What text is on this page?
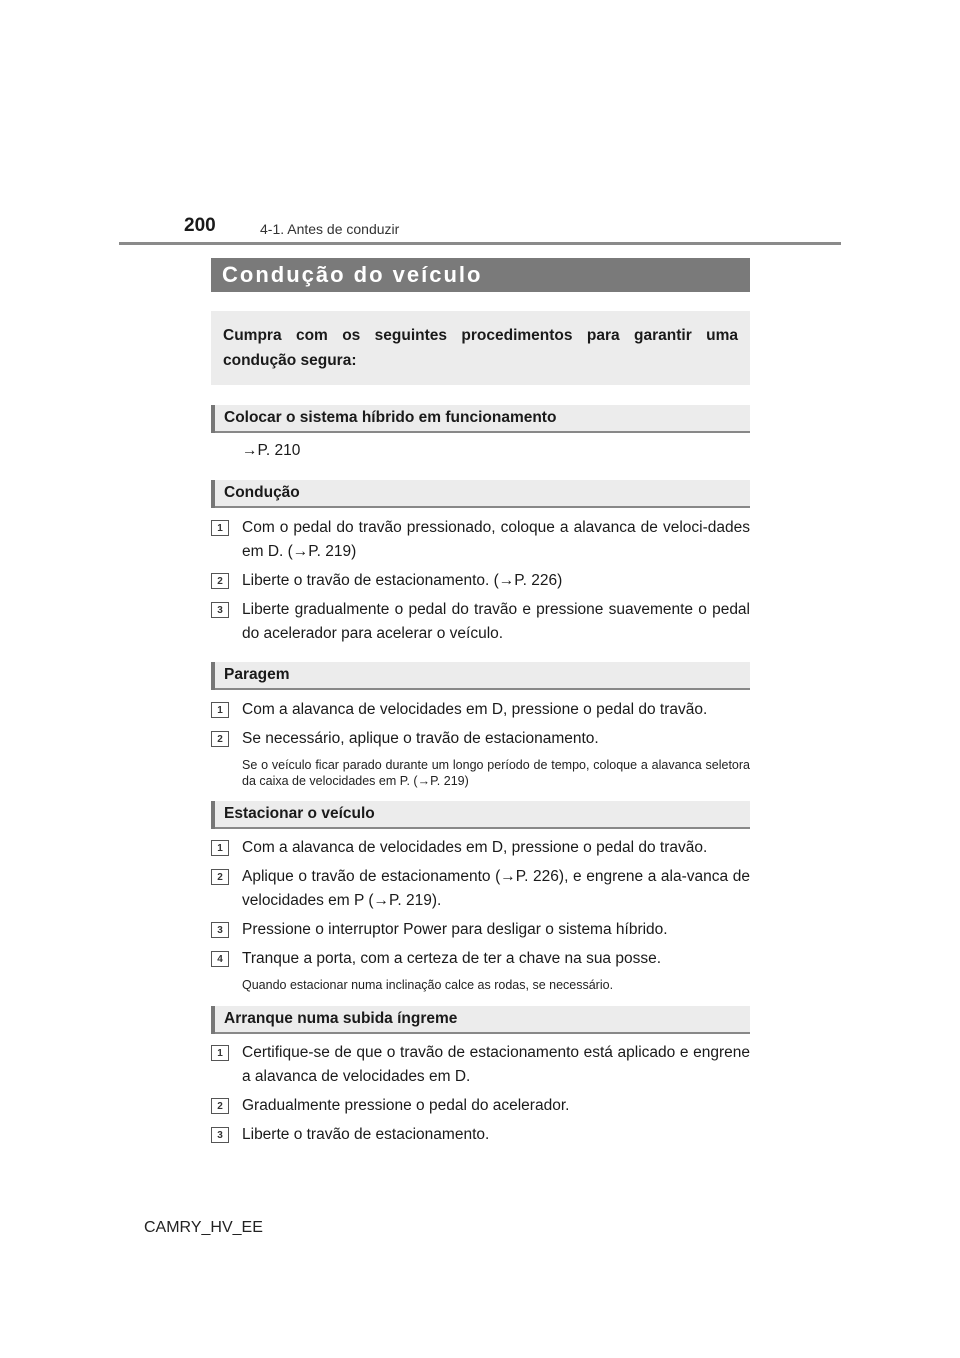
200	4-1. Antes de conduzir
Condução do veículo
Cumpra com os seguintes procedimentos para garantir uma condução segura:
Colocar o sistema híbrido em funcionamento
→P. 210
Condução
1	Com o pedal do travão pressionado, coloque a alavanca de veloci-dades em D. (→P. 219)
2	Liberte o travão de estacionamento. (→P. 226)
3	Liberte gradualmente o pedal do travão e pressione suavemente o pedal do acelerador para acelerar o veículo.
Paragem
1	Com a alavanca de velocidades em D, pressione o pedal do travão.
2	Se necessário, aplique o travão de estacionamento.
Se o veículo ficar parado durante um longo período de tempo, coloque a alavanca seletora da caixa de velocidades em P. (→P. 219)
Estacionar o veículo
1	Com a alavanca de velocidades em D, pressione o pedal do travão.
2	Aplique o travão de estacionamento (→P. 226), e engrene a ala-vanca de velocidades em P (→P. 219).
3	Pressione o interruptor Power para desligar o sistema híbrido.
4	Tranque a porta, com a certeza de ter a chave na sua posse.
Quando estacionar numa inclinação calce as rodas, se necessário.
Arranque numa subida íngreme
1	Certifique-se de que o travão de estacionamento está aplicado e engrene a alavanca de velocidades em D.
2	Gradualmente pressione o pedal do acelerador.
3	Liberte o travão de estacionamento.
CAMRY_HV_EE
